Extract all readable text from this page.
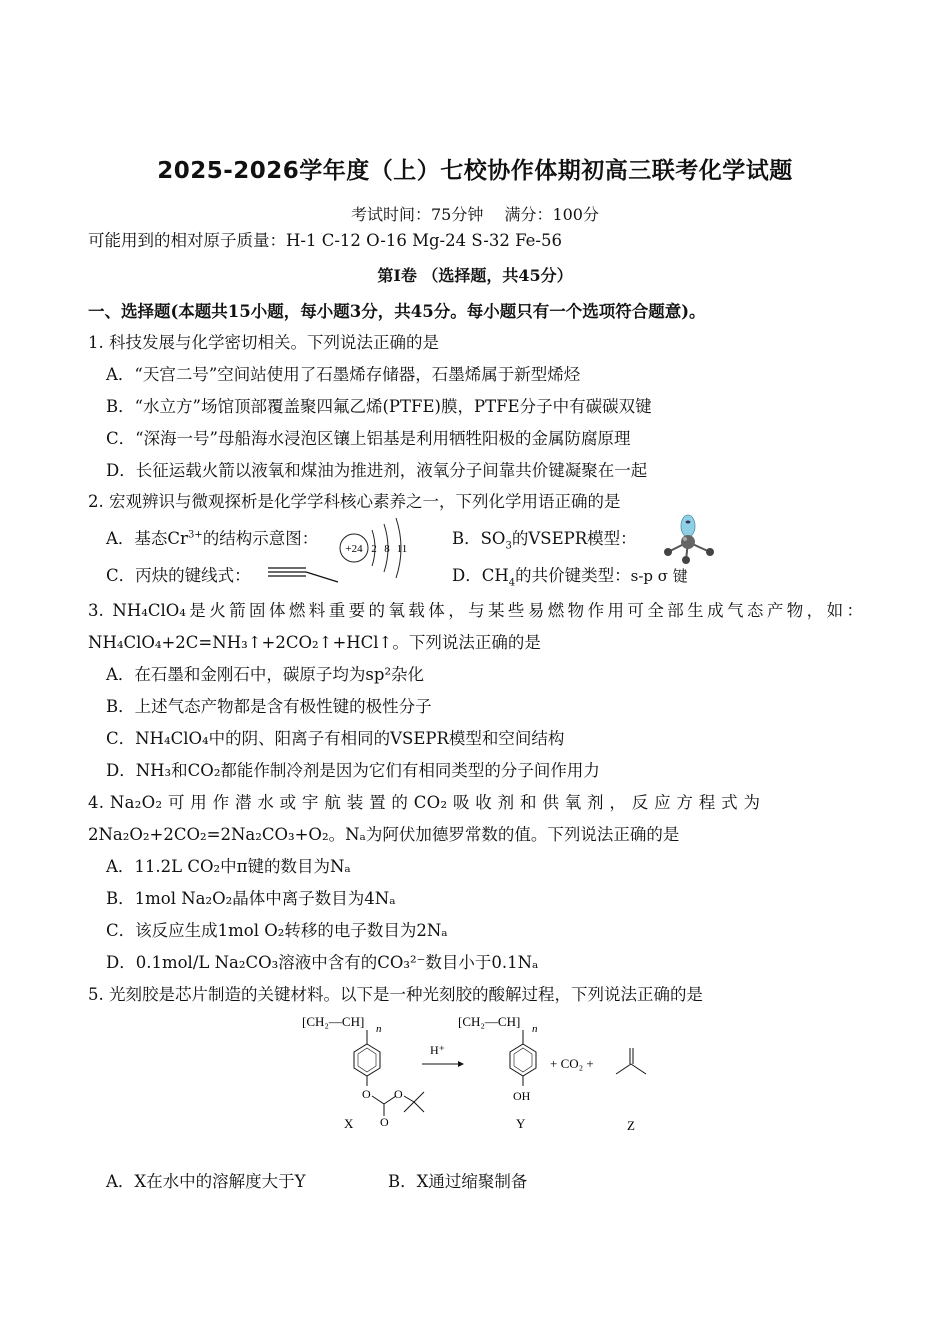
2025-2026学年度（上）七校协作体期初高三联考化学试题
考试时间：75分钟　 满分：100分
可能用到的相对原子质量：H-1 C-12 O-16 Mg-24 S-32 Fe-56
第Ⅰ卷 （选择题，共45分）
一、选择题(本题共15小题，每小题3分，共45分。每小题只有一个选项符合题意)。
1. 科技发展与化学密切相关。下列说法正确的是
A．“天宫二号”空间站使用了石墨烯存储器，石墨烯属于新型烯烃
B．“水立方”场馆顶部覆盖聚四氟乙烯(PTFE)膜，PTFE分子中有碳碳双键
C．“深海一号”母船海水浸泡区镶上铝基是利用牺牲阳极的金属防腐原理
D．长征运载火箭以液氧和煤油为推进剂，液氧分子间靠共价键凝聚在一起
2. 宏观辨识与微观探析是化学学科核心素养之一，下列化学用语正确的是
A．基态$Cr^{3+}$的结构示意图：
+24 2 8 11
B．$SO_3$的VSEPR模型：
C．丙炔的键线式：	D．$CH_4$的共价键类型：s-p σ 键
3. NH₄ClO₄是火箭固体燃料重要的氧载体，与某些易燃物作用可全部生成气态产物，如：
NH₄ClO₄+2C=NH₃↑+2CO₂↑+HCl↑。下列说法正确的是
A．在石墨和金刚石中，碳原子均为sp²杂化
B．上述气态产物都是含有极性键的极性分子
C．NH₄ClO₄中的阴、阳离子有相同的VSEPR模型和空间结构
D．NH₃和CO₂都能作制冷剂是因为它们有相同类型的分子间作用力
4. Na₂O₂ 可 用 作 潜 水 或 宇 航 装 置 的 CO₂ 吸 收 剂 和 供 氧 剂 ， 反 应 方 程 式 为
2Na₂O₂+2CO₂=2Na₂CO₃+O₂。Nₐ为阿伏加德罗常数的值。下列说法正确的是
A．11.2L CO₂中π键的数目为Nₐ
B．1mol Na₂O₂晶体中离子数目为4Nₐ
C．该反应生成1mol O₂转移的电子数目为2Nₐ
D．0.1mol/L Na₂CO₃溶液中含有的CO₃²⁻数目小于0.1Nₐ
5. 光刻胶是芯片制造的关键材料。以下是一种光刻胶的酸解过程，下列说法正确的是
[CH₂—CH] n
O
O
O
X
H⁺
[CH₂—CH] n
OH
Y
+ CO₂ +
Z
A．X在水中的溶解度大于Y	B．X通过缩聚制备
